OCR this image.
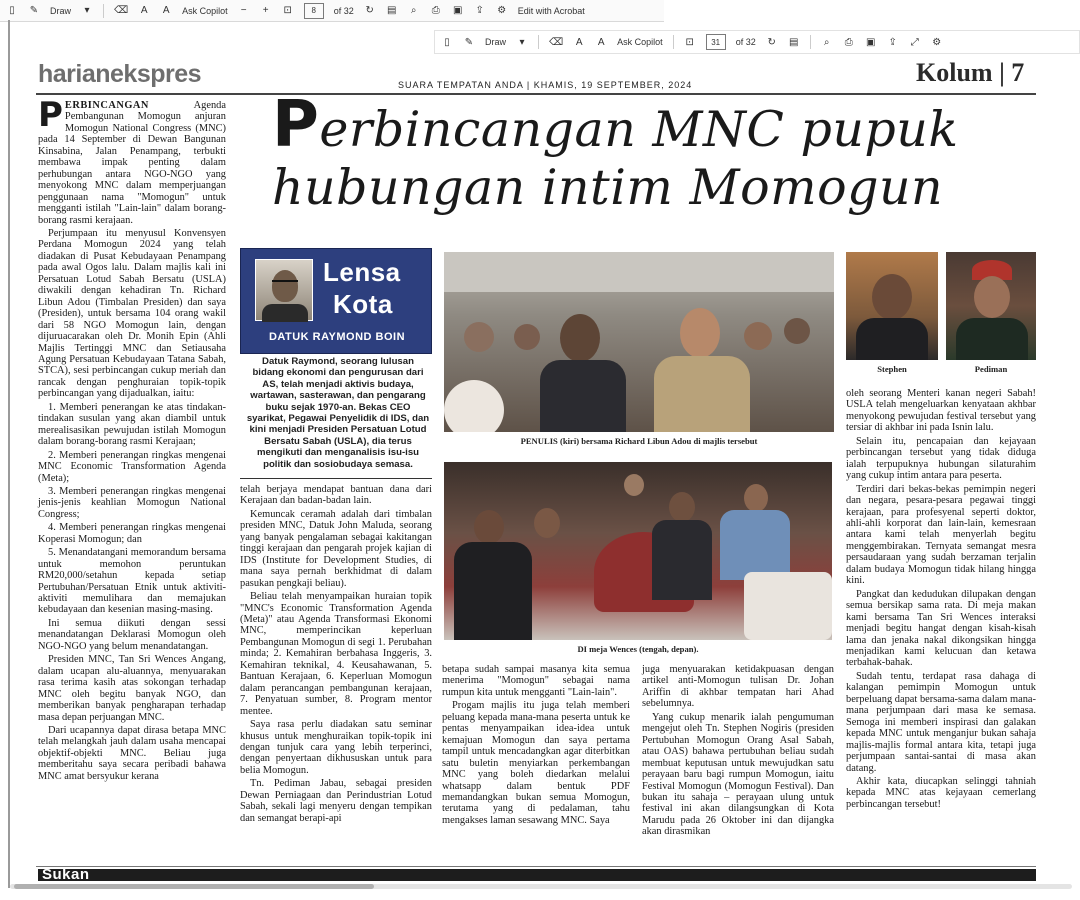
▯	✎ Draw	▾	⌫ A A Ask Copilot	−	+	⊡	8	of 32 ↻ ▤	⌕	⎙ ▣ ⇪ ⚙ Edit with Acrobat
▯	✎ Draw	▾	⌫ A A Ask Copilot ⊡	31	of 32 ↻ ▤	⌕	⎙ ▣ ⇪ ⤢ ⚙
harianekspres	SUARA TEMPATAN ANDA | KHAMIS, 19 SEPTEMBER, 2024	Kolum | 7
Perbincangan MNC pupuk
hubungan intim Momogun

PERBINCANGAN Agenda Pembangunan Momogun anjuran Momogun National Congress (MNC) pada 14 September di Dewan Bangunan Kinsabina, Jalan Penampang, terbukti membawa impak penting dalam perhubungan antara NGO-NGO yang menyokong MNC dalam memperjuangan penggunaan nama "Momogun" untuk mengganti istilah "Lain-lain" dalam borang-borang rasmi kerajaan.

Perjumpaan itu menyusul Konvensyen Perdana Momogun 2024 yang telah diadakan di Pusat Kebudayaan Penampang pada awal Ogos lalu. Dalam majlis kali ini Persatuan Lotud Sabah Bersatu (USLA) diwakili dengan kehadiran Tn. Richard Libun Adou (Timbalan Presiden) dan saya (Presiden), untuk bersama 104 orang wakil dari 58 NGO Momogun lain, dengan dijuruacarakan oleh Dr. Monih Epin (Ahli Majlis Tertinggi MNC dan Setiausaha Agung Persatuan Kebudayaan Tatana Sabah, STCA), sesi perbincangan cukup meriah dan rancak dengan penghuraian topik-topik perbincangan yang dijadualkan, iaitu:

1. Memberi penerangan ke atas tindakan-tindakan susulan yang akan diambil untuk merealisasikan pewujudan istilah Momogun dalam borang-borang rasmi Kerajaan;

2. Memberi penerangan ringkas mengenai MNC Economic Transformation Agenda (Meta);

3. Memberi penerangan ringkas mengenai jenis-jenis keahlian Momogun National Congress;

4. Memberi penerangan ringkas mengenai Koperasi Momogun; dan

5. Menandatangani memorandum bersama untuk memohon peruntukan RM20,000/setahun kepada setiap Pertubuhan/Persatuan Etnik untuk aktiviti-aktiviti memulihara dan memajukan kebudayaan dan kesenian masing-masing.

Ini semua diikuti dengan sessi menandatangan Deklarasi Momogun oleh NGO-NGO yang belum menandatangan.

Presiden MNC, Tan Sri Wences Angang, dalam ucapan alu-aluannya, menyuarakan rasa terima kasih atas sokongan terhadap MNC oleh begitu banyak NGO, dan memberikan banyak pengharapan terhadap masa depan perjuangan MNC.

Dari ucapannya dapat dirasa betapa MNC telah melangkah jauh dalam usaha mencapai objektif-objekti MNC. Beliau juga memberitahu saya secara peribadi bahawa MNC amat bersyukur kerana

Lensa
Kota
DATUK RAYMOND BOIN
Datuk Raymond, seorang lulusan bidang ekonomi dan pengurusan dari AS, telah menjadi aktivis budaya, wartawan, sasterawan, dan pengarang buku sejak 1970-an. Bekas CEO syarikat, Pegawai Penyelidik di IDS, dan kini menjadi Presiden Persatuan Lotud Bersatu Sabah (USLA), dia terus mengikuti dan menganalisis isu-isu politik dan sosiobudaya semasa.

telah berjaya mendapat bantuan dana dari Kerajaan dan badan-badan lain.

Kemuncak ceramah adalah dari timbalan presiden MNC, Datuk John Maluda, seorang yang banyak pengalaman sebagai kakitangan tinggi kerajaan dan pengarah projek kajian di IDS (Institute for Development Studies, di mana saya pernah berkhidmat di dalam pasukan pengkaji beliau).

Beliau telah menyampaikan huraian topik "MNC's Economic Transformation Agenda (Meta)" atau Agenda Transformasi Ekonomi MNC, memperincikan keperluan Pembangunan Momogun di segi 1. Perubahan minda; 2. Kemahiran berbahasa Inggeris, 3. Kemahiran teknikal, 4. Keusahawanan, 5. Bantuan Kerajaan, 6. Keperluan Momogun dalam perancangan pembangunan kerajaan, 7. Penyatuan sumber, 8. Program mentor mentee.

Saya rasa perlu diadakan satu seminar khusus untuk menghuraikan topik-topik ini dengan tunjuk cara yang lebih terperinci, dengan penyertaan dikhususkan untuk para belia Momogun.

Tn. Pediman Jabau, sebagai presiden Dewan Perniagaan dan Perindustrian Lotud Sabah, sekali lagi menyeru dengan tempikan dan semangat berapi-api

PENULIS (kiri) bersama Richard Libun Adou di majlis tersebut
DI meja Wences (tengah, depan).
Stephen	Pediman

betapa sudah sampai masanya kita semua menerima "Momogun" sebagai nama rumpun kita untuk mengganti "Lain-lain".

Progam majlis itu juga telah memberi peluang kepada mana-mana peserta untuk ke pentas menyampaikan idea-idea untuk kemajuan Momogun dan saya pertama tampil untuk mencadangkan agar diterbitkan satu buletin menyiarkan perkembangan MNC yang boleh diedarkan melalui whatsapp dalam bentuk PDF memandangkan bukan semua Momogun, terutama yang di pedalaman, tahu mengakses laman sesawang MNC. Saya

juga menyuarakan ketidakpuasan dengan artikel anti-Momogun tulisan Dr. Johan Ariffin di akhbar tempatan hari Ahad sebelumnya.

Yang cukup menarik ialah pengumuman mengejut oleh Tn. Stephen Nogiris (presiden Pertubuhan Momogun Orang Asal Sabah, atau OAS) bahawa pertubuhan beliau sudah membuat keputusan untuk mewujudkan satu perayaan baru bagi rumpun Momogun, iaitu Festival Momogun (Momogun Festival). Dan bukan itu sahaja – perayaan ulung untuk festival ini akan dilangsungkan di Kota Marudu pada 26 Oktober ini dan dijangka akan dirasmikan

oleh seorang Menteri kanan negeri Sabah! USLA telah mengeluarkan kenyataan akhbar menyokong pewujudan festival tersebut yang tersiar di akhbar ini pada Isnin lalu.

Selain itu, pencapaian dan kejayaan perbincangan tersebut yang tidak diduga ialah terpupuknya hubungan silaturahim yang cukup intim antara para peserta.

Terdiri dari bekas-bekas pemimpin negeri dan negara, pesara-pesara pegawai tinggi kerajaan, para profesyenal seperti doktor, ahli-ahli korporat dan lain-lain, kemesraan antara kami telah menyerlah begitu menggembirakan. Ternyata semangat mesra persaudaraan yang sudah berzaman terjalin dalam budaya Momogun tidak hilang hingga kini.

Pangkat dan kedudukan dilupakan dengan semua bersikap sama rata. Di meja makan kami bersama Tan Sri Wences interaksi menjadi begitu hangat dengan kisah-kisah lama dan jenaka nakal dikongsikan hingga menjadikan kami kelucuan dan ketawa terbahak-bahak.

Sudah tentu, terdapat rasa dahaga di kalangan pemimpin Momogun untuk berpeluang dapat bersama-sama dalam mana-mana perjumpaan dari masa ke semasa. Semoga ini memberi inspirasi dan galakan kepada MNC untuk menganjur bukan sahaja majlis-majlis formal antara kita, tetapi juga perjumpaan santai-santai di masa akan datang.

Akhir kata, diucapkan selinggi tahniah kepada MNC atas kejayaan cemerlang perbincangan tersebut!

Sukan
